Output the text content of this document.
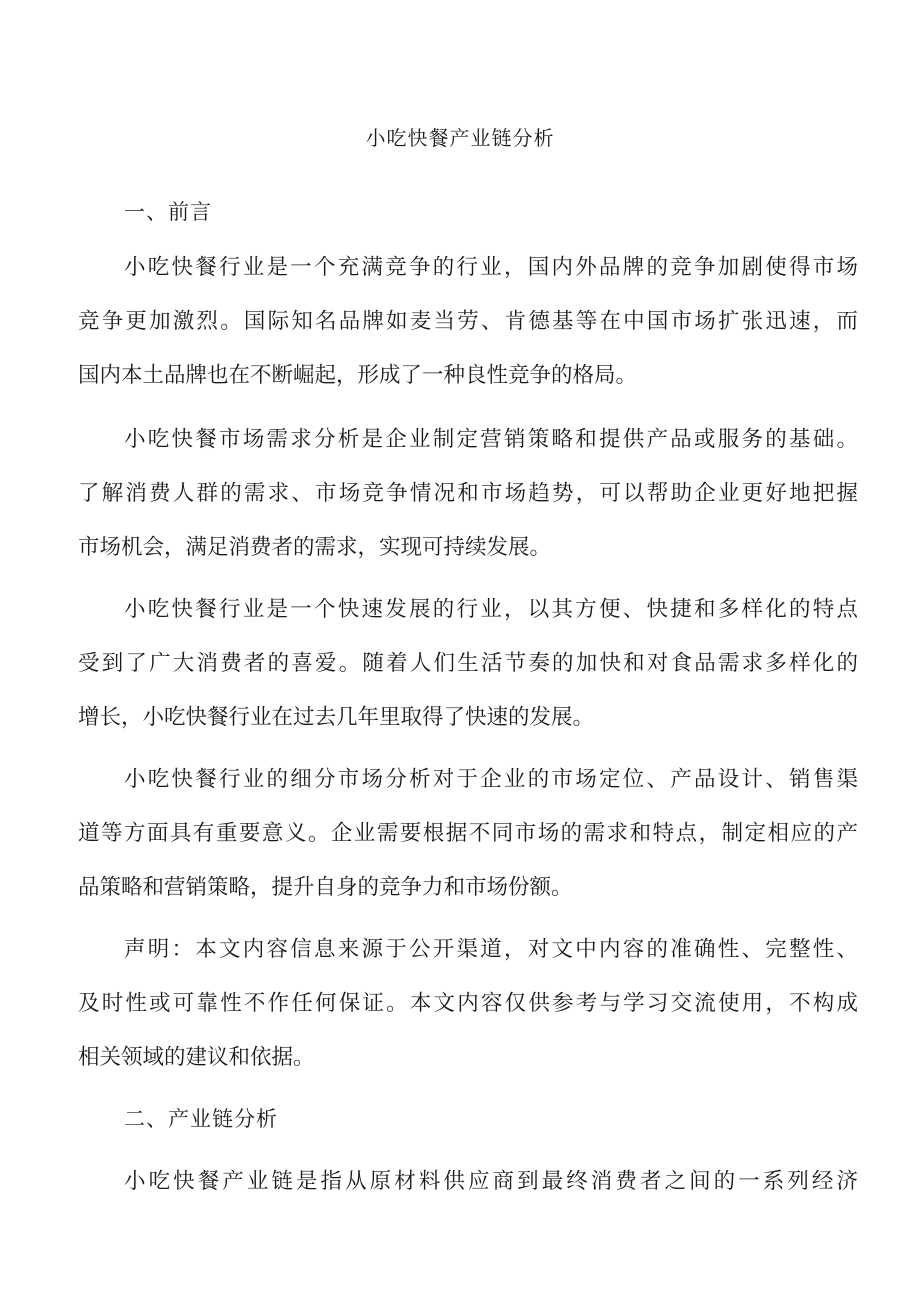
小吃快餐产业链分析
一、前言

小吃快餐行业是一个充满竞争的行业，国内外品牌的竞争加剧使得市场
竞争更加激烈。国际知名品牌如麦当劳、肯德基等在中国市场扩张迅速，而
国内本土品牌也在不断崛起，形成了一种良性竞争的格局。

小吃快餐市场需求分析是企业制定营销策略和提供产品或服务的基础。
了解消费人群的需求、市场竞争情况和市场趋势，可以帮助企业更好地把握
市场机会，满足消费者的需求，实现可持续发展。

小吃快餐行业是一个快速发展的行业，以其方便、快捷和多样化的特点
受到了广大消费者的喜爱。随着人们生活节奏的加快和对食品需求多样化的
增长，小吃快餐行业在过去几年里取得了快速的发展。

小吃快餐行业的细分市场分析对于企业的市场定位、产品设计、销售渠
道等方面具有重要意义。企业需要根据不同市场的需求和特点，制定相应的产
品策略和营销策略，提升自身的竞争力和市场份额。

声明：本文内容信息来源于公开渠道，对文中内容的准确性、完整性、
及时性或可靠性不作任何保证。本文内容仅供参考与学习交流使用，不构成
相关领域的建议和依据。

二、产业链分析

小吃快餐产业链是指从原材料供应商到最终消费者之间的一系列经济
